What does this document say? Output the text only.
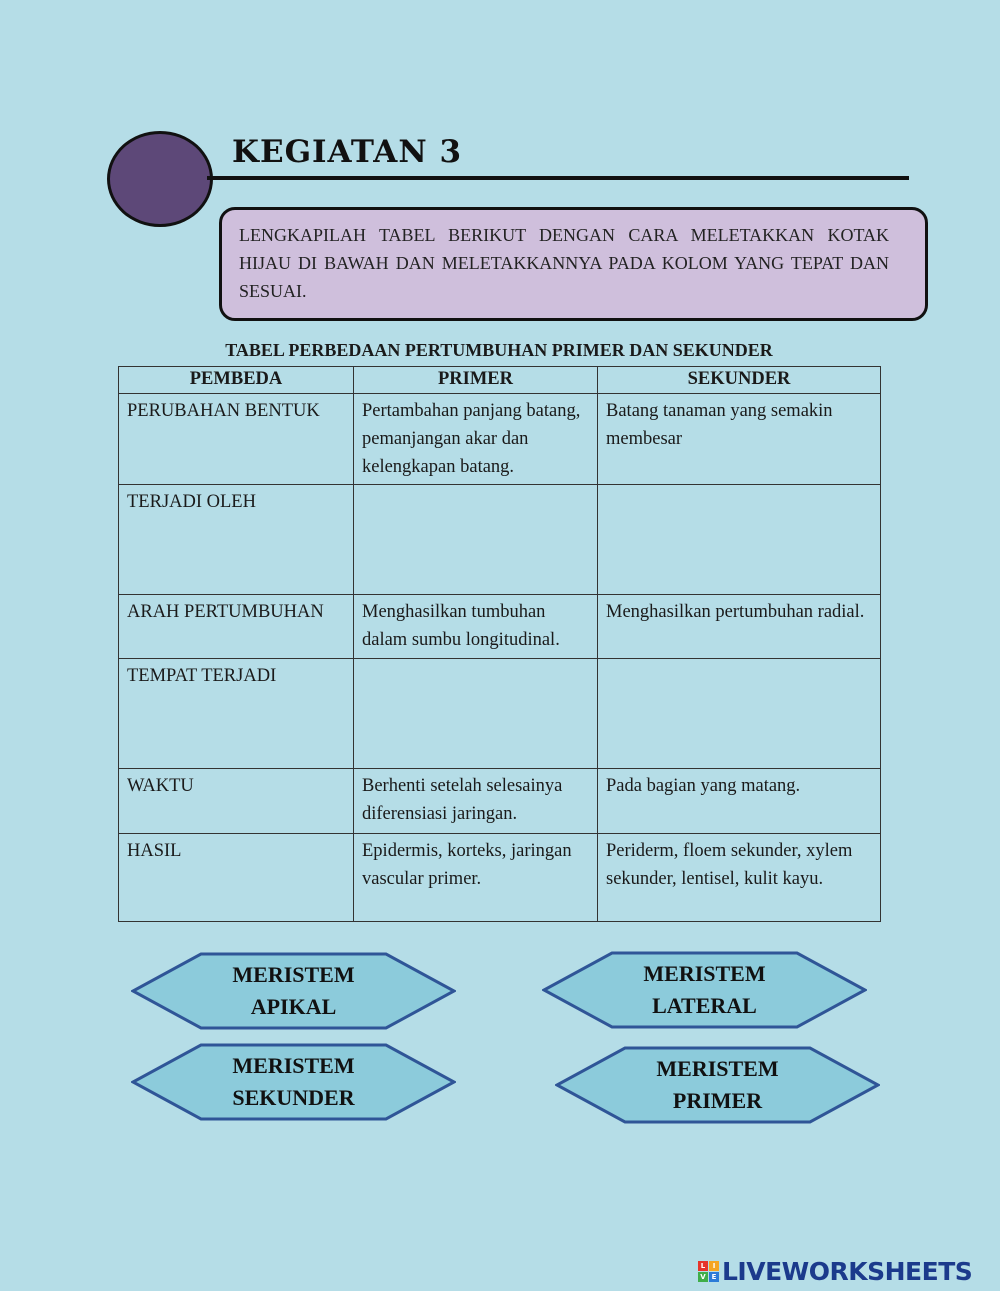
KEGIATAN 3
LENGKAPILAH TABEL BERIKUT DENGAN CARA MELETAKKAN KOTAK HIJAU DI BAWAH DAN MELETAKKANNYA PADA KOLOM YANG TEPAT DAN SESUAI.
TABEL PERBEDAAN PERTUMBUHAN PRIMER DAN SEKUNDER
PEMBEDA	PRIMER	SEKUNDER
PERUBAHAN BENTUK	Pertambahan panjang batang, pemanjangan akar dan kelengkapan batang.	Batang tanaman yang semakin membesar
TERJADI OLEH		
ARAH PERTUMBUHAN	Menghasilkan tumbuhan dalam sumbu longitudinal.	Menghasilkan pertumbuhan radial.
TEMPAT TERJADI		
WAKTU	Berhenti setelah selesainya diferensiasi jaringan.	Pada bagian yang matang.
HASIL	Epidermis, korteks, jaringan vascular primer.	Periderm, floem sekunder, xylem sekunder, lentisel, kulit kayu.
MERISTEM
APIKAL
MERISTEM
LATERAL
MERISTEM
SEKUNDER
MERISTEM
PRIMER
L	I
V E LIVEWORKSHEETS
